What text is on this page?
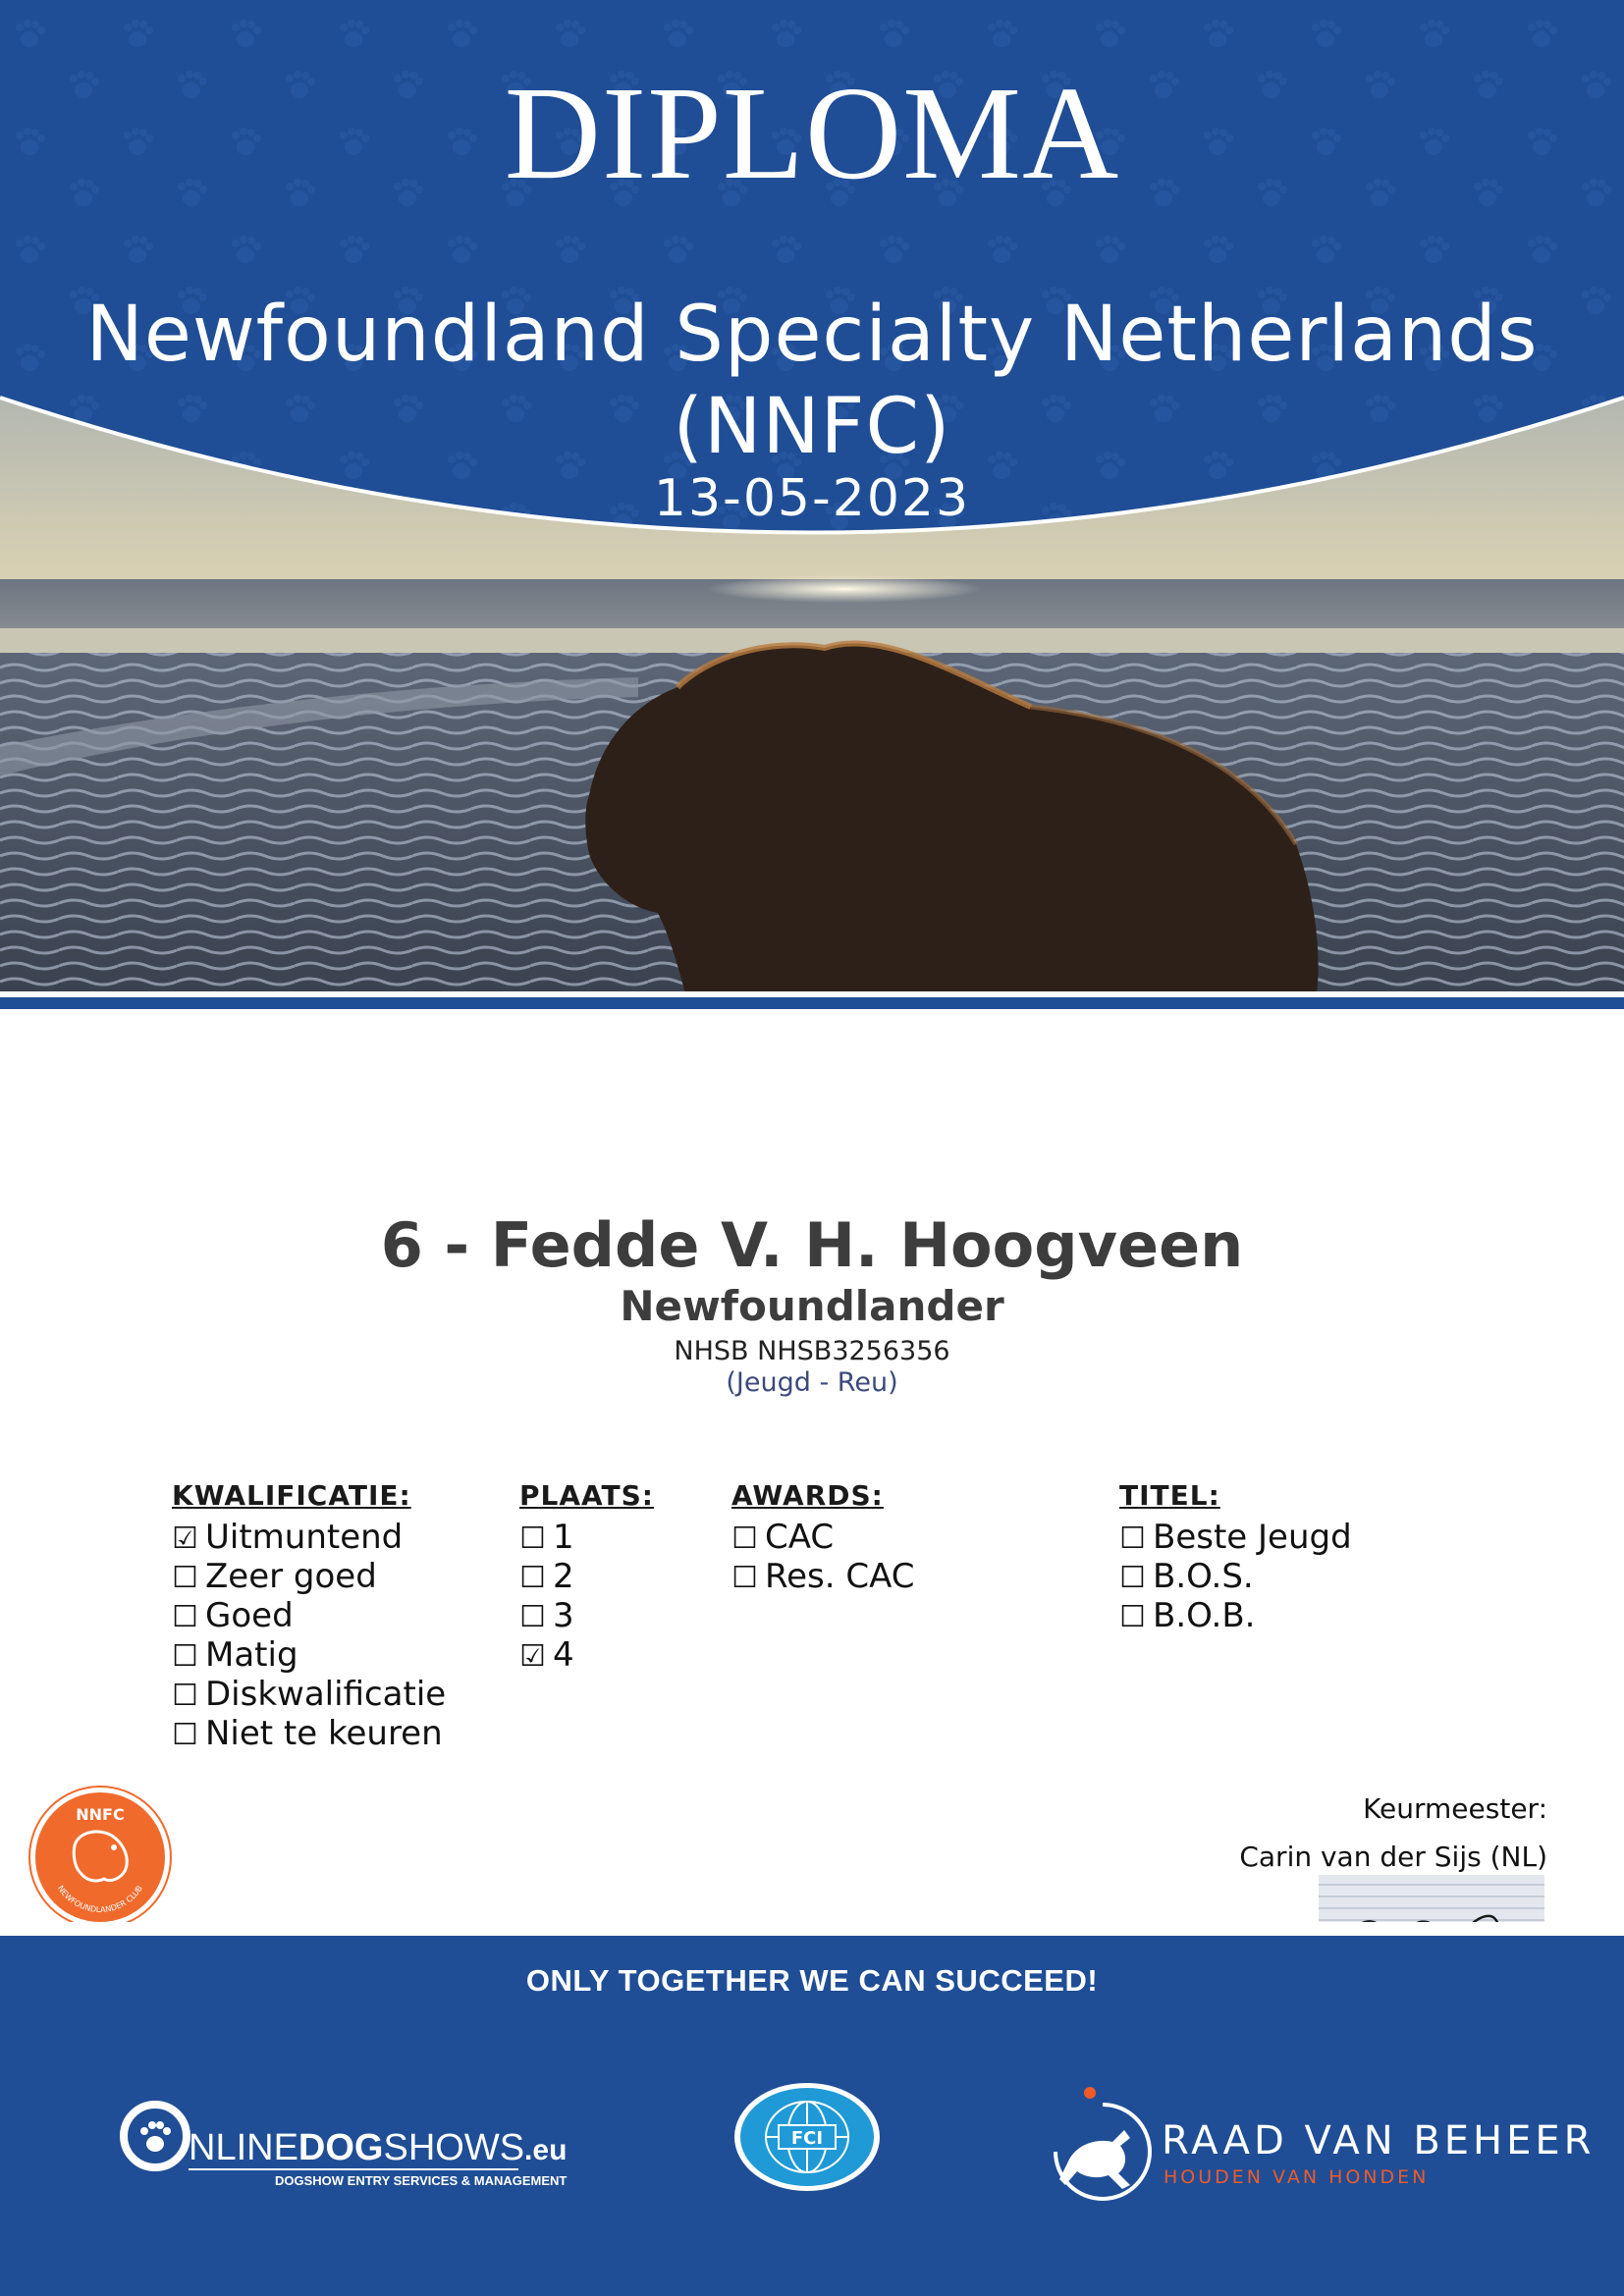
DIPLOMA
Newfoundland Specialty Netherlands
(NNFC)
13-05-2023
6 - Fedde V. H. Hoogveen
Newfoundlander
NHSB NHSB3256356
(Jeugd - Reu)
KWALIFICATIE:
☑ Uitmuntend
☐ Zeer goed
☐ Goed
☐ Matig
☐ Diskwalificatie
☐ Niet te keuren
PLAATS:
☐ 1
☐ 2
☐ 3
☑ 4
AWARDS:
☐ CAC
☐ Res. CAC
TITEL:
☐ Beste Jeugd
☐ B.O.S.
☐ B.O.B.
NNFC
NEWFOUNDLANDER CLUB
Keurmeester:
Carin van der Sijs (NL)
ONLY TOGETHER WE CAN SUCCEED!
NLINEDOGSHOWS.eu
DOGSHOW ENTRY SERVICES & MANAGEMENT
FCI	RAAD VAN BEHEER
HOUDEN VAN HONDEN
